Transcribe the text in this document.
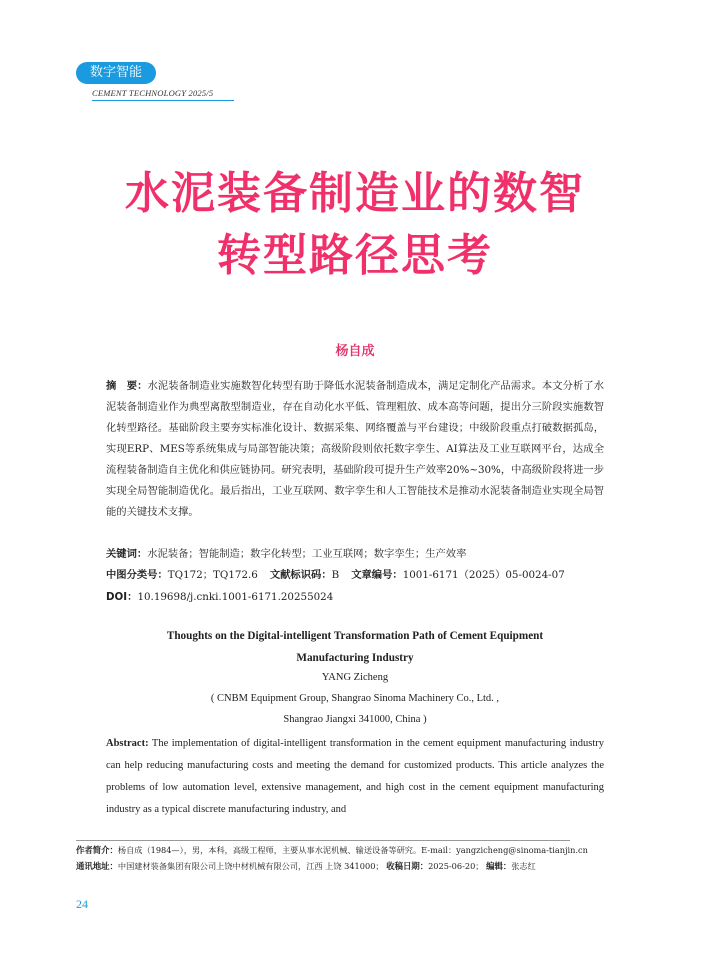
数字智能
CEMENT TECHNOLOGY 2025/5
水泥装备制造业的数智
转型路径思考
杨自成
摘　要：水泥装备制造业实施数智化转型有助于降低水泥装备制造成本，满足定制化产品需求。本文分析了水泥装备制造业作为典型离散型制造业，存在自动化水平低、管理粗放、成本高等问题，提出分三阶段实施数智化转型路径。基础阶段主要夯实标准化设计、数据采集、网络覆盖与平台建设；中级阶段重点打破数据孤岛，实现ERP、MES等系统集成与局部智能决策；高级阶段则依托数字孪生、AI算法及工业互联网平台，达成全流程装备制造自主优化和供应链协同。研究表明，基础阶段可提升生产效率20%~30%，中高级阶段将进一步实现全局智能制造优化。最后指出，工业互联网、数字孪生和人工智能技术是推动水泥装备制造业实现全局智能的关键技术支撑。
关键词：水泥装备；智能制造；数字化转型；工业互联网；数字孪生；生产效率
中图分类号：TQ172；TQ172.6 文献标识码：B 文章编号：1001-6171（2025）05-0024-07
DOI：10.19698/j.cnki.1001-6171.20255024
Thoughts on the Digital-intelligent Transformation Path of Cement Equipment
Manufacturing Industry
YANG Zicheng
( CNBM Equipment Group, Shangrao Sinoma Machinery Co., Ltd. ,
Shangrao Jiangxi 341000, China )
Abstract: The implementation of digital-intelligent transformation in the cement equipment manufacturing industry can help reducing manufacturing costs and meeting the demand for customized products. This article analyzes the problems of low automation level, extensive management, and high cost in the cement equipment manufacturing industry as a typical discrete manufacturing industry, and
作者简介：杨自成（1984—），男，本科，高级工程师，主要从事水泥机械、输送设备等研究。E-mail：yangzicheng@sinoma-tianjin.cn
通讯地址：中国建材装备集团有限公司上饶中材机械有限公司，江西 上饶 341000； 收稿日期：2025-06-20； 编辑：张志红
24
